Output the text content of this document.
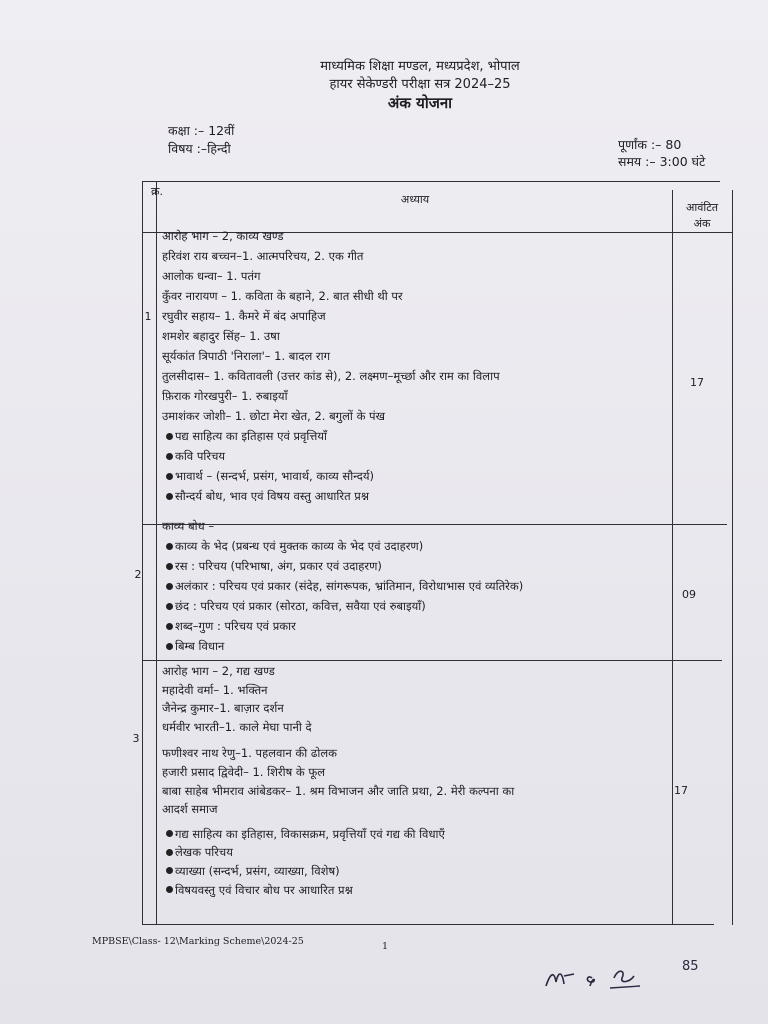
माध्यमिक शिक्षा मण्डल, मध्यप्रदेश, भोपाल
हायर सेकेण्डरी परीक्षा सत्र 2024–25
अंक योजना
कक्षा :– 12वीं
विषय :–हिन्दी	पूर्णांक :– 80
समय :– 3:00 घंटे
क्र.
अध्याय
आवंटित
अंक
1
17
आरोह भाग – 2, काव्य खण्ड
हरिवंश राय बच्चन–1. आत्मपरिचय, 2. एक गीत
आलोक धन्वा– 1. पतंग
कुँवर नारायण – 1. कविता के बहाने, 2. बात सीधी थी पर
रघुवीर सहाय– 1. कैमरे में बंद अपाहिज
शमशेर बहादुर सिंह– 1. उषा
सूर्यकांत त्रिपाठी 'निराला'– 1. बादल राग
तुलसीदास– 1. कवितावली (उत्तर कांड से), 2. लक्ष्मण–मूर्च्छा और राम का विलाप
फ़िराक गोरखपुरी– 1. रुबाइयाँ
उमाशंकर जोशी– 1. छोटा मेरा खेत, 2. बगुलों के पंख
पद्य साहित्य का इतिहास एवं प्रवृत्तियाँ
कवि परिचय
भावार्थ – (सन्दर्भ, प्रसंग, भावार्थ, काव्य सौन्दर्य)
सौन्दर्य बोध, भाव एवं विषय वस्तु आधारित प्रश्न
2
09
काव्य बोध –
काव्य के भेद (प्रबन्ध एवं मुक्तक काव्य के भेद एवं उदाहरण)
रस : परिचय (परिभाषा, अंग, प्रकार एवं उदाहरण)
अलंकार : परिचय एवं प्रकार (संदेह, सांगरूपक, भ्रांतिमान, विरोधाभास एवं व्यतिरेक)
छंद : परिचय एवं प्रकार (सोरठा, कवित्त, सवैया एवं रुबाइयाँ)
शब्द–गुण : परिचय एवं प्रकार
बिम्ब विधान
3
17
आरोह भाग – 2, गद्य खण्ड
महादेवी वर्मा– 1. भक्तिन
जैनेन्द्र कुमार–1. बाज़ार दर्शन
धर्मवीर भारती–1. काले मेघा पानी दे
फणीश्वर नाथ रेणु–1. पहलवान की ढोलक
हजारी प्रसाद द्विवेदी– 1. शिरीष के फूल
बाबा साहेब भीमराव आंबेडकर– 1. श्रम विभाजन और जाति प्रथा, 2. मेरी कल्पना का
आदर्श समाज
गद्य साहित्य का इतिहास, विकासक्रम, प्रवृत्तियाँ एवं गद्य की विधाएँ
लेखक परिचय
व्याख्या (सन्दर्भ, प्रसंग, व्याख्या, विशेष)
विषयवस्तु एवं विचार बोध पर आधारित प्रश्न
MPBSE\Class- 12\Marking Scheme\2024-25	1
85
